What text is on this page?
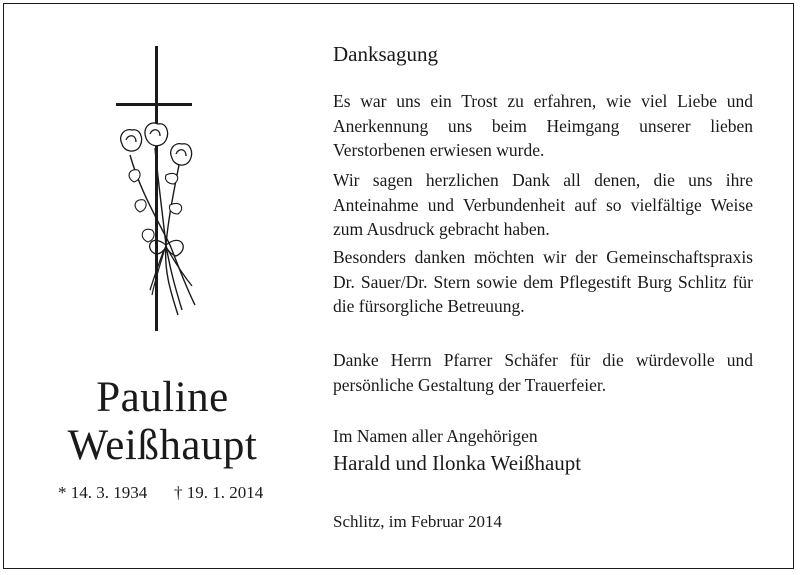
Pauline
Weißhaupt
* 14. 3. 1934 † 19. 1. 2014
Danksagung

Es war uns ein Trost zu erfahren, wie viel Liebe und Anerkennung uns beim Heimgang unserer lieben Verstorbenen erwiesen wurde.

Wir sagen herzlichen Dank all denen, die uns ihre Anteinahme und Verbundenheit auf so vielfältige Weise zum Ausdruck gebracht haben.

Besonders danken möchten wir der Gemeinschaftspraxis Dr. Sauer/Dr. Stern sowie dem Pflegestift Burg Schlitz für die fürsorgliche Betreuung.

Danke Herrn Pfarrer Schäfer für die würdevolle und persönliche Gestaltung der Trauerfeier.

Im Namen aller Angehörigen
Harald und Ilonka Weißhaupt
Schlitz, im Februar 2014
